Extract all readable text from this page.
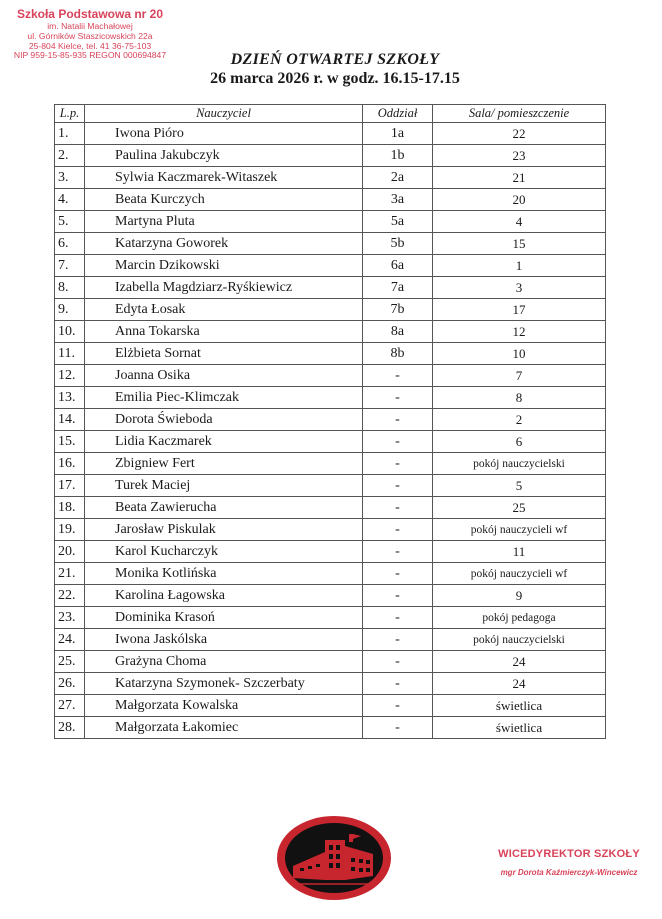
Szkoła Podstawowa nr 20
im. Natalii Machałowej
ul. Górników Staszicowskich 22a
25-804 Kielce, tel. 41 36-75-103
NIP 959-15-85-935 REGON 000694847	DZIEŃ OTWARTEJ SZKOŁY
26 marca 2026 r. w godz. 16.15-17.15
L.p.	Nauczyciel	Oddział	Sala/ pomieszczenie
1.	Iwona Pióro	1a	22
2.	Paulina Jakubczyk	1b	23
3.	Sylwia Kaczmarek-Witaszek	2a	21
4.	Beata Kurczych	3a	20
5.	Martyna Pluta	5a	4
6.	Katarzyna Goworek	5b	15
7.	Marcin Dzikowski	6a	1
8.	Izabella Magdziarz-Ryśkiewicz	7a	3
9.	Edyta Łosak	7b	17
10.	Anna Tokarska	8a	12
11.	Elżbieta Sornat	8b	10
12.	Joanna Osika	-	7
13.	Emilia Piec-Klimczak	-	8
14.	Dorota Świeboda	-	2
15.	Lidia Kaczmarek	-	6
16.	Zbigniew Fert	-	pokój nauczycielski
17.	Turek Maciej	-	5
18.	Beata Zawierucha	-	25
19.	Jarosław Piskulak	-	pokój nauczycieli wf
20.	Karol Kucharczyk	-	11
21.	Monika Kotlińska	-	pokój nauczycieli wf
22.	Karolina Łagowska	-	9
23.	Dominika Krasoń	-	pokój pedagoga
24.	Iwona Jaskólska	-	pokój nauczycielski
25.	Grażyna Choma	-	24
26.	Katarzyna Szymonek- Szczerbaty	-	24
27.	Małgorzata Kowalska	-	świetlica
28.	Małgorzata Łakomiec	-	świetlica
WICEDYREKTOR SZKOŁY
mgr Dorota Kaźmierczyk-Wincewicz
